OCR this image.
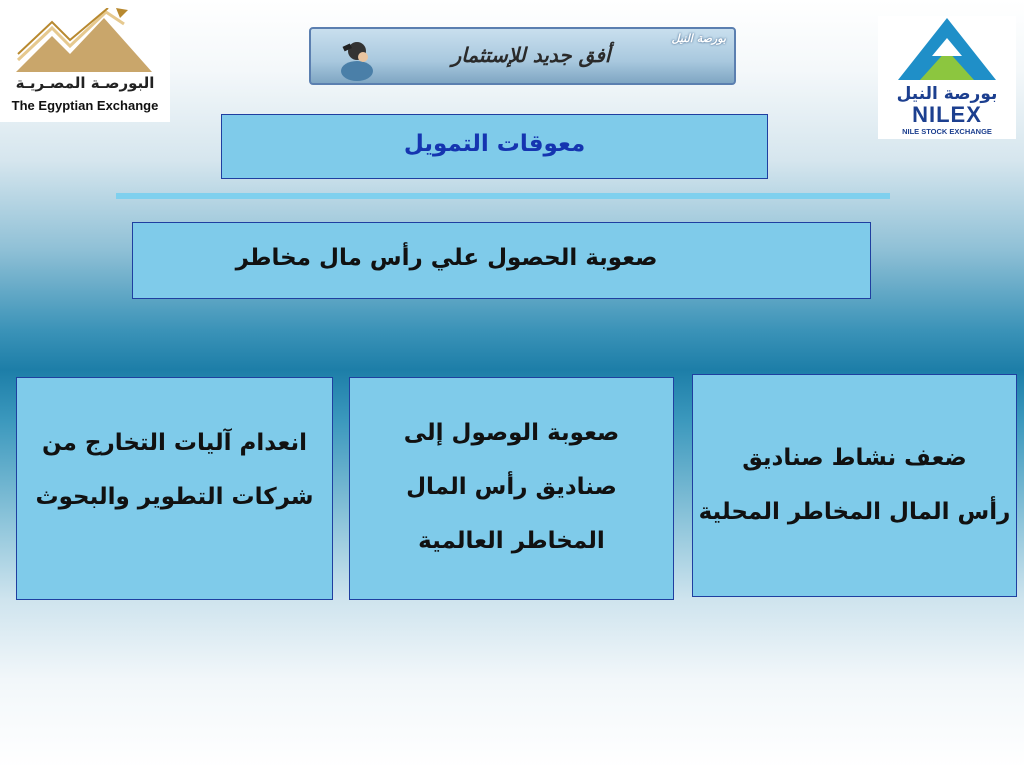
البورصـة المصـريـة
The Egyptian Exchange
بورصة النيل
أفق جديد للإستثمار
بورصة النيل
NILEX
NILE STOCK EXCHANGE
معوقات التمويل
صعوبة الحصول علي رأس مال مخاطر
انعدام آليات التخارج من
شركات التطوير والبحوث
صعوبة الوصول إلى
صناديق رأس المال
المخاطر العالمية
ضعف نشاط صناديق
رأس المال المخاطر المحلية
